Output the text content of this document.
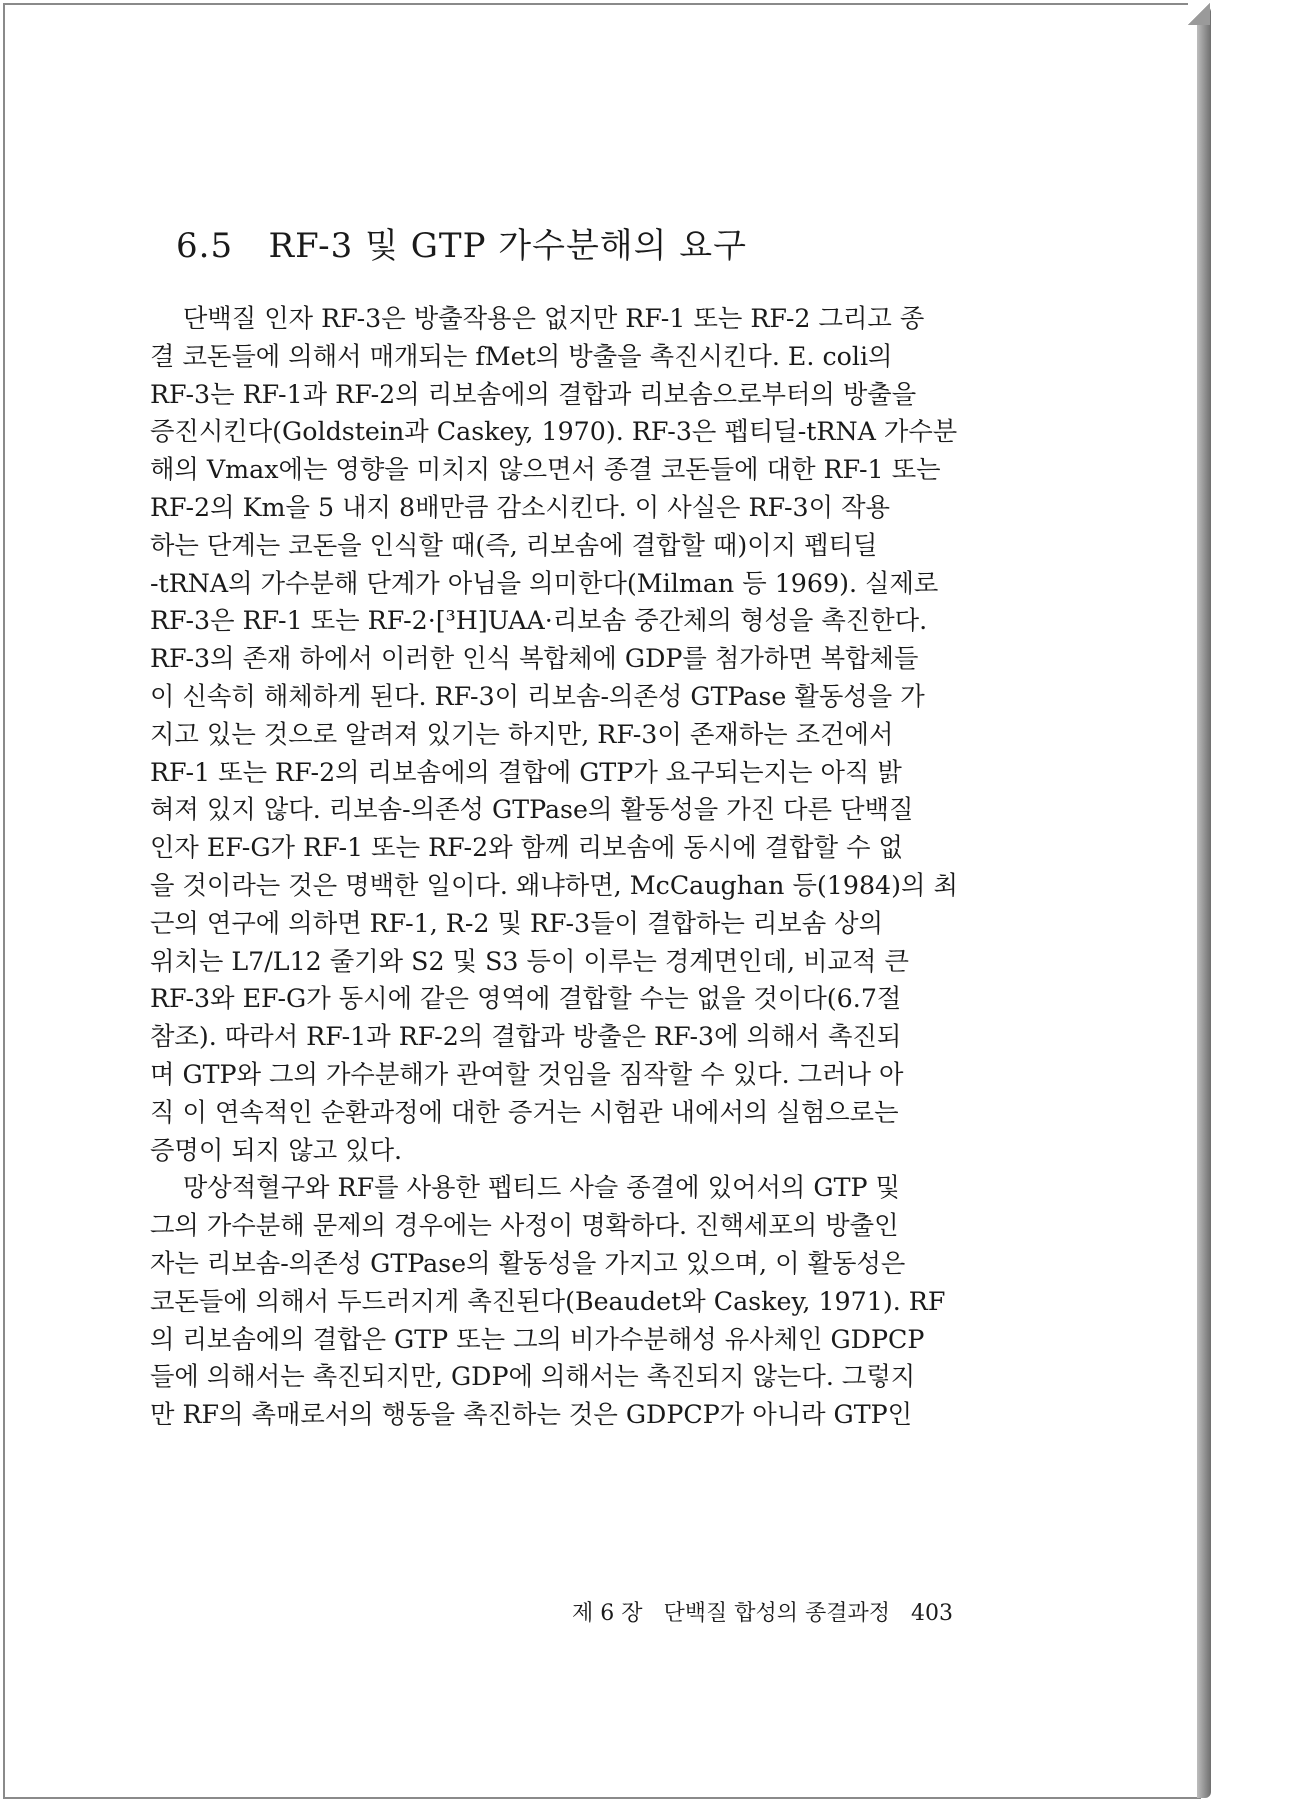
6.5 RF-3 및 GTP 가수분해의 요구
단백질 인자 RF-3은 방출작용은 없지만 RF-1 또는 RF-2 그리고 종
결 코돈들에 의해서 매개되는 fMet의 방출을 촉진시킨다. E. coli의
RF-3는 RF-1과 RF-2의 리보솜에의 결합과 리보솜으로부터의 방출을
증진시킨다(Goldstein과 Caskey, 1970). RF-3은 펩티딜-tRNA 가수분
해의 Vmax에는 영향을 미치지 않으면서 종결 코돈들에 대한 RF-1 또는
RF-2의 Km을 5 내지 8배만큼 감소시킨다. 이 사실은 RF-3이 작용
하는 단계는 코돈을 인식할 때(즉, 리보솜에 결합할 때)이지 펩티딜
-tRNA의 가수분해 단계가 아님을 의미한다(Milman 등 1969). 실제로
RF-3은 RF-1 또는 RF-2·[³H]UAA·리보솜 중간체의 형성을 촉진한다.
RF-3의 존재 하에서 이러한 인식 복합체에 GDP를 첨가하면 복합체들
이 신속히 해체하게 된다. RF-3이 리보솜-의존성 GTPase 활동성을 가
지고 있는 것으로 알려져 있기는 하지만, RF-3이 존재하는 조건에서
RF-1 또는 RF-2의 리보솜에의 결합에 GTP가 요구되는지는 아직 밝
혀져 있지 않다. 리보솜-의존성 GTPase의 활동성을 가진 다른 단백질
인자 EF-G가 RF-1 또는 RF-2와 함께 리보솜에 동시에 결합할 수 없
을 것이라는 것은 명백한 일이다. 왜냐하면, McCaughan 등(1984)의 최
근의 연구에 의하면 RF-1, R-2 및 RF-3들이 결합하는 리보솜 상의
위치는 L7/L12 줄기와 S2 및 S3 등이 이루는 경계면인데, 비교적 큰
RF-3와 EF-G가 동시에 같은 영역에 결합할 수는 없을 것이다(6.7절
참조). 따라서 RF-1과 RF-2의 결합과 방출은 RF-3에 의해서 촉진되
며 GTP와 그의 가수분해가 관여할 것임을 짐작할 수 있다. 그러나 아
직 이 연속적인 순환과정에 대한 증거는 시험관 내에서의 실험으로는
증명이 되지 않고 있다.
망상적혈구와 RF를 사용한 펩티드 사슬 종결에 있어서의 GTP 및
그의 가수분해 문제의 경우에는 사정이 명확하다. 진핵세포의 방출인
자는 리보솜-의존성 GTPase의 활동성을 가지고 있으며, 이 활동성은
코돈들에 의해서 두드러지게 촉진된다(Beaudet와 Caskey, 1971). RF
의 리보솜에의 결합은 GTP 또는 그의 비가수분해성 유사체인 GDPCP
들에 의해서는 촉진되지만, GDP에 의해서는 촉진되지 않는다. 그렇지
만 RF의 촉매로서의 행동을 촉진하는 것은 GDPCP가 아니라 GTP인
제 6 장 단백질 합성의 종결과정 403
